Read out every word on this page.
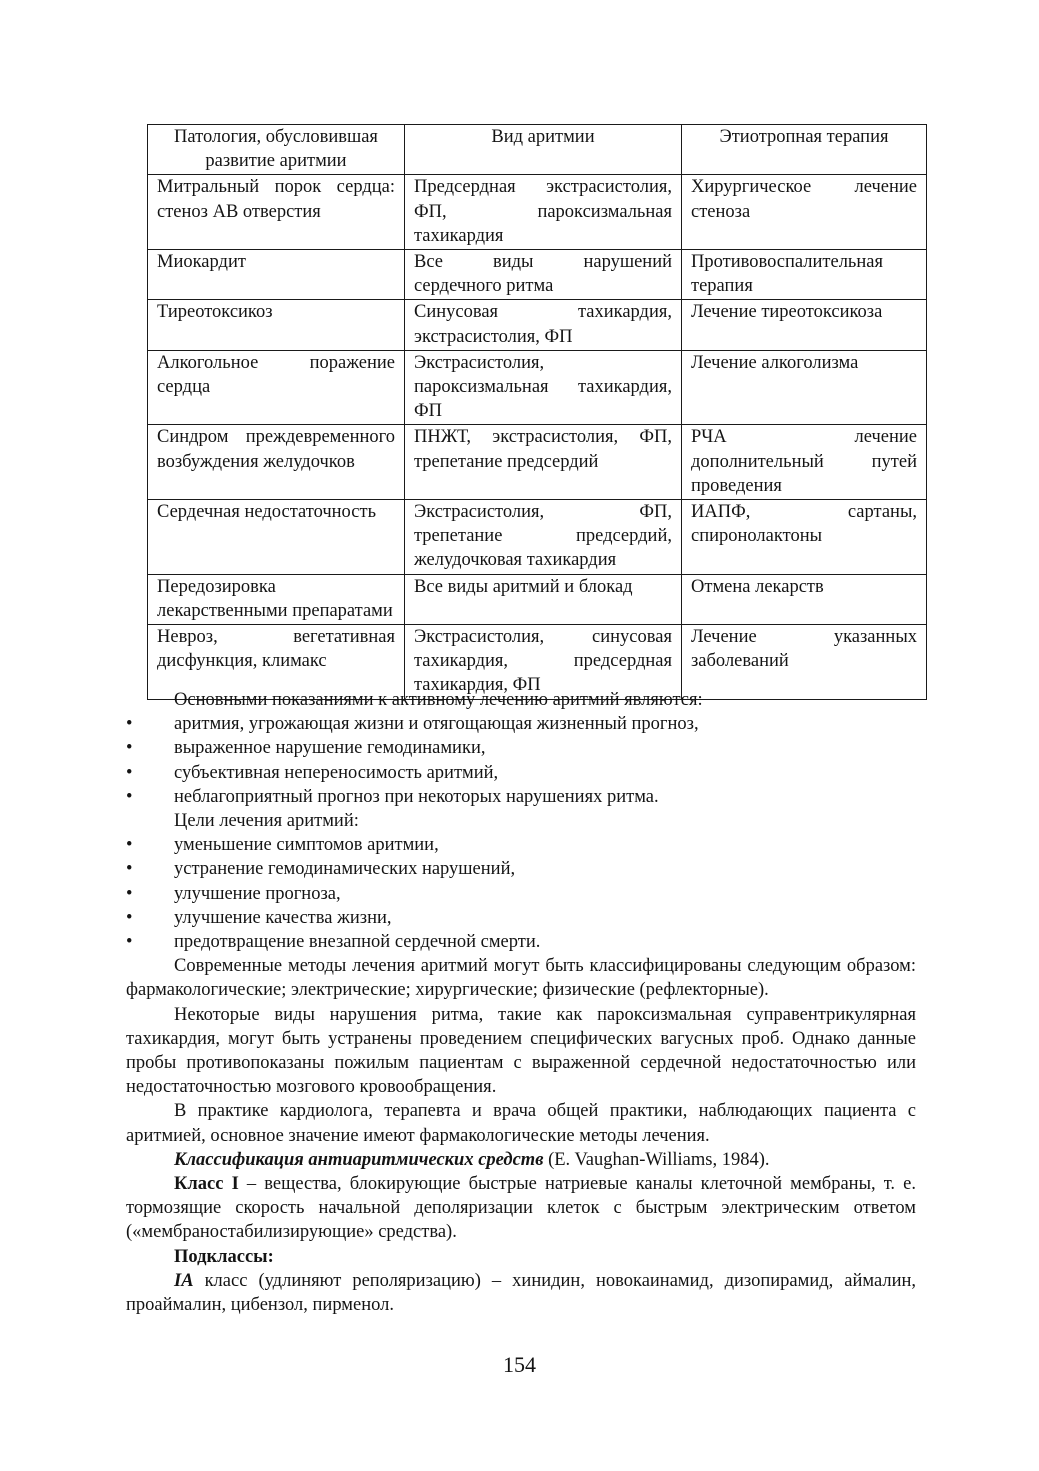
Патология, обусловившая развитие аритмии	Вид аритмии	Этиотропная терапия
Митральный порок сердца: стеноз АВ отверстия	Предсердная экстрасистолия, ФП, пароксизмальная тахикардия	Хирургическое лечение стеноза
Миокардит	Все виды нарушений сердечного ритма	Противовоспалительная терапия
Тиреотоксикоз	Синусовая тахикардия, экстрасистолия, ФП	Лечение тиреотоксикоза
Алкогольное поражение сердца	Экстрасистолия, пароксизмальная тахикардия, ФП	Лечение алкоголизма
Синдром преждевременного возбуждения желудочков	ПНЖТ, экстрасистолия, ФП, трепетание предсердий	РЧА лечение дополнительный путей проведения
Сердечная недостаточность	Экстрасистолия, ФП, трепетание предсердий, желудочковая тахикардия	ИАПФ, сартаны, спиронолактоны
Передозировка лекарственными препаратами	Все виды аритмий и блокад	Отмена лекарств
Невроз, вегетативная дисфункция, климакс	Экстрасистолия, синусовая тахикардия, предсердная тахикардия, ФП	Лечение указанных заболеваний

Основными показаниями к активному лечению аритмий являются:

• аритмия, угрожающая жизни и отягощающая жизненный прогноз,

• выраженное нарушение гемодинамики,

• субъективная непереносимость аритмий,

• неблагоприятный прогноз при некоторых нарушениях ритма.

Цели лечения аритмий:

• уменьшение симптомов аритмии,

• устранение гемодинамических нарушений,

• улучшение прогноза,

• улучшение качества жизни,

• предотвращение внезапной сердечной смерти.

Современные методы лечения аритмий могут быть классифицированы следующим образом: фармакологические; электрические; хирургические; физические (рефлекторные).

Некоторые виды нарушения ритма, такие как пароксизмальная суправентрикулярная тахикардия, могут быть устранены проведением специфических вагусных проб. Однако данные пробы противопоказаны пожилым пациентам с выраженной сердечной недостаточностью или недостаточностью мозгового кровообращения.

В практике кардиолога, терапевта и врача общей практики, наблюдающих пациента с аритмией, основное значение имеют фармакологические методы лечения.

Классификация антиаритмических средств (E. Vaughan-Williams, 1984).

Класс I – вещества, блокирующие быстрые натриевые каналы клеточной мембраны, т. е. тормозящие скорость начальной деполяризации клеток с быстрым электрическим ответом («мембраностабилизирующие» средства).

Подклассы:

IA класс (удлиняют реполяризацию) – хинидин, новокаинамид, дизопирамид, аймалин, проаймалин, цибензол, пирменол.

154
